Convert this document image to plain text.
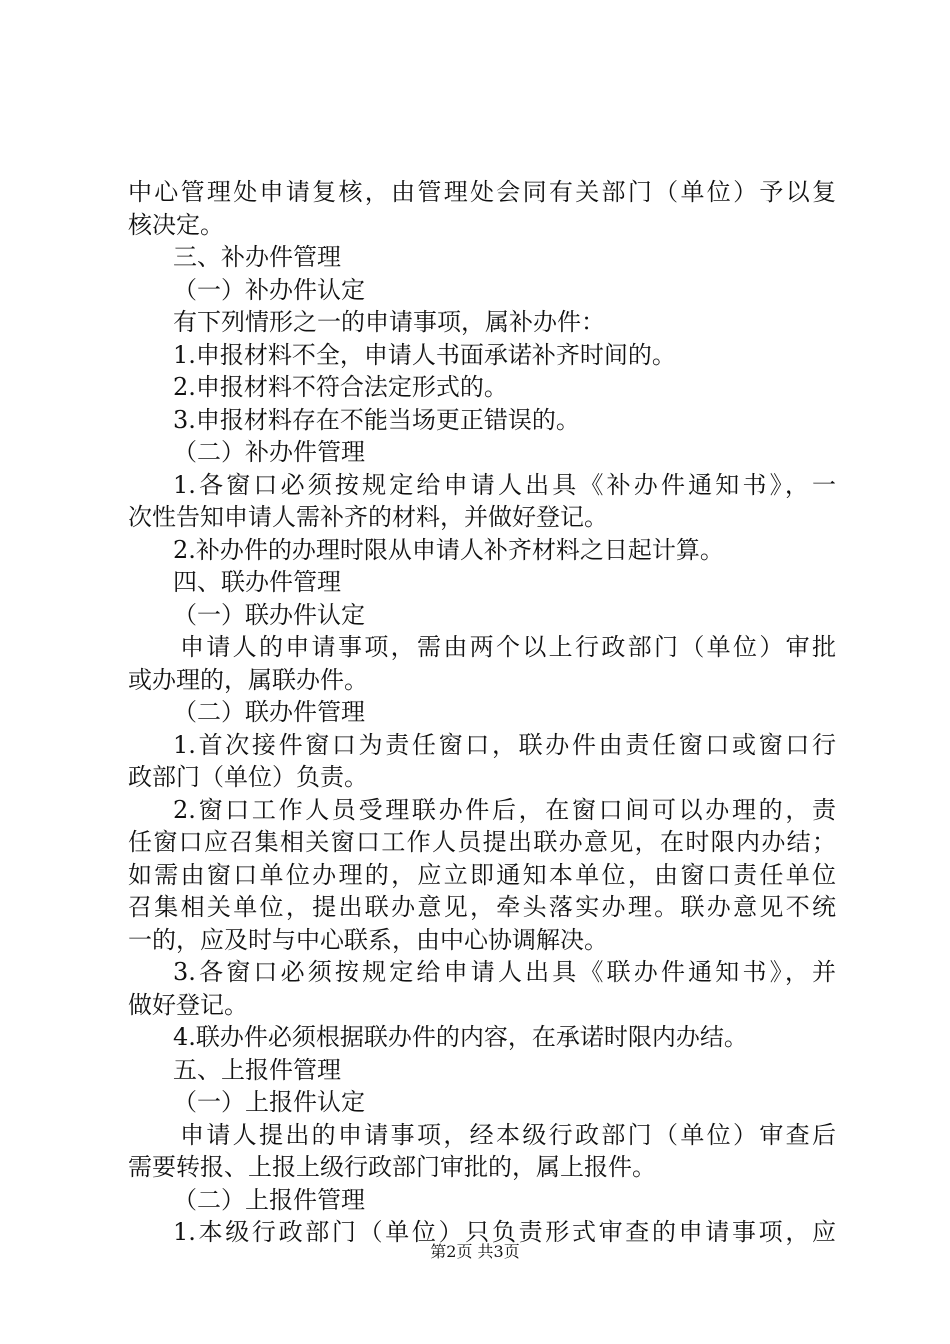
中心管理处申请复核，由管理处会同有关部门（单位）予以复
核决定。
三、补办件管理
（一）补办件认定
有下列情形之一的申请事项，属补办件：
1.申报材料不全，申请人书面承诺补齐时间的。
2.申报材料不符合法定形式的。
3.申报材料存在不能当场更正错误的。
（二）补办件管理
1.各窗口必须按规定给申请人出具《补办件通知书》，一
次性告知申请人需补齐的材料，并做好登记。
2.补办件的办理时限从申请人补齐材料之日起计算。
四、联办件管理
（一）联办件认定
申请人的申请事项，需由两个以上行政部门（单位）审批
或办理的，属联办件。
（二）联办件管理
1.首次接件窗口为责任窗口，联办件由责任窗口或窗口行
政部门（单位）负责。
2.窗口工作人员受理联办件后，在窗口间可以办理的，责
任窗口应召集相关窗口工作人员提出联办意见，在时限内办结；
如需由窗口单位办理的，应立即通知本单位，由窗口责任单位
召集相关单位，提出联办意见，牵头落实办理。联办意见不统
一的，应及时与中心联系，由中心协调解决。
3.各窗口必须按规定给申请人出具《联办件通知书》，并
做好登记。
4.联办件必须根据联办件的内容，在承诺时限内办结。
五、上报件管理
（一）上报件认定
申请人提出的申请事项，经本级行政部门（单位）审查后
需要转报、上报上级行政部门审批的，属上报件。
（二）上报件管理
1.本级行政部门（单位）只负责形式审查的申请事项，应
第2页 共3页
